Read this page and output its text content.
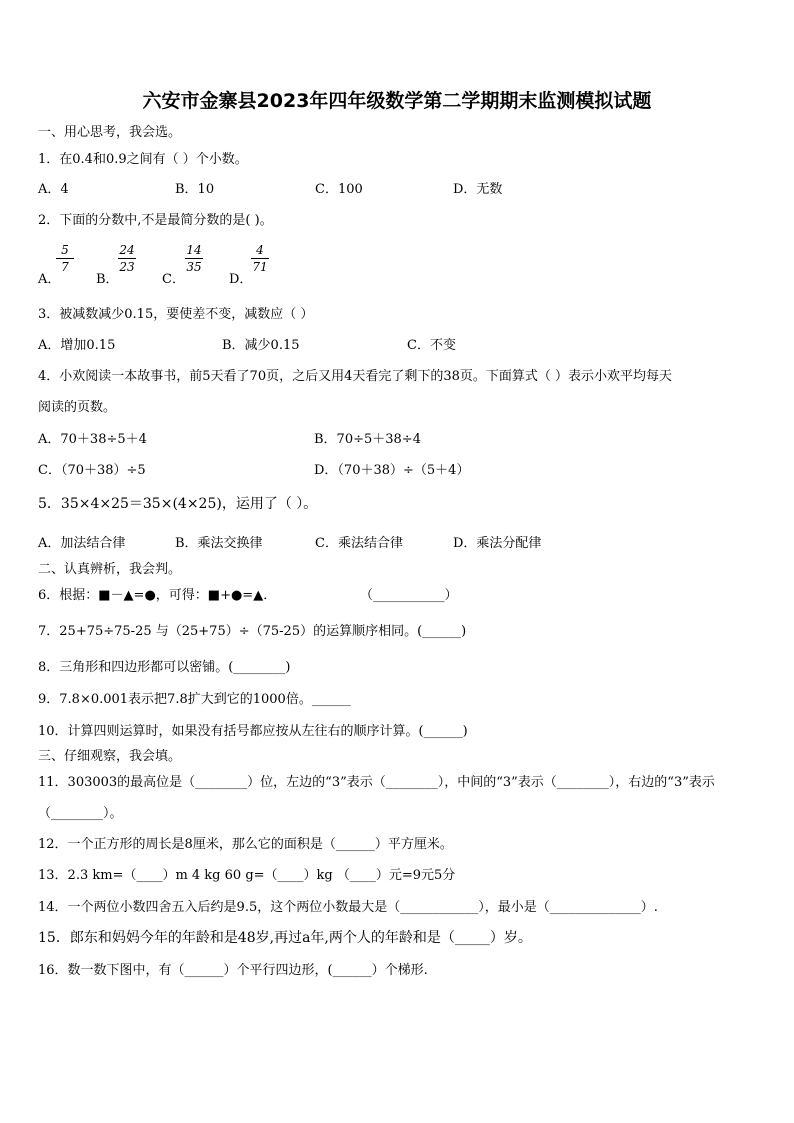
六安市金寨县2023年四年级数学第二学期期末监测模拟试题
一、用心思考，我会选。
1．在0.4和0.9之间有（ ）个小数。
A．4	B．10	C．100	D．无数
2．下面的分数中,不是最简分数的是( )。
A．
5
7
B．
24
23
C．
14
35
D．
4
71
3．被减数减少0.15，要使差不变，减数应（ ）
A．增加0.15	B．减少0.15	C．不变
4．小欢阅读一本故事书，前5天看了70页，之后又用4天看完了剩下的38页。下面算式（ ）表示小欢平均每天
阅读的页数。
A．70＋38÷5＋4	B．70÷5＋38÷4
C．（70＋38）÷5	D．（70＋38）÷（5＋4）
5．35×4×25＝35×(4×25)，运用了（ ）。
A．加法结合律	B．乘法交换律	C．乘法结合律	D．乘法分配律
二、认真辨析，我会判。
6．根据：■－▲=●，可得：■+●=▲．	（___________）
7．25+75÷75-25 与（25+75）÷（75-25）的运算顺序相同。(______)
8．三角形和四边形都可以密铺。(________)
9．7.8×0.001表示把7.8扩大到它的1000倍。______
10．计算四则运算时，如果没有括号都应按从左往右的顺序计算。(______)
三、仔细观察，我会填。
11．303003的最高位是（________）位，左边的“3”表示（________），中间的“3”表示（________），右边的“3”表示
（________）。
12．一个正方形的周长是8厘米，那么它的面积是（______）平方厘米。
13．2.3 km=（____）m 4 kg 60 g=（____）kg （____）元=9元5分
14．一个两位小数四舍五入后约是9.5，这个两位小数最大是（____________），最小是（______________）.
15．郎东和妈妈今年的年龄和是48岁,再过a年,两个人的年龄和是（_____）岁。
16．数一数下图中，有（______）个平行四边形，(______）个梯形.
